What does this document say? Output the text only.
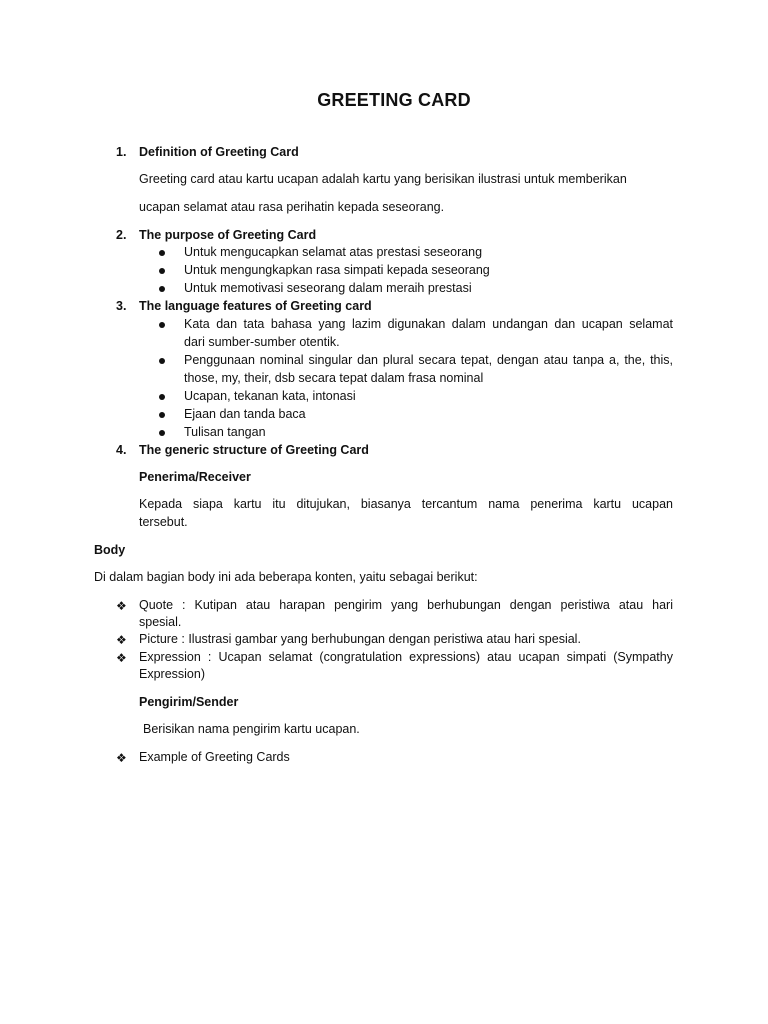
GREETING CARD
1. Definition of Greeting Card
Greeting card atau kartu ucapan adalah kartu yang berisikan ilustrasi untuk memberikan
ucapan selamat atau rasa perihatin kepada seseorang.
2. The purpose of Greeting Card
Untuk mengucapkan selamat atas prestasi seseorang
Untuk mengungkapkan rasa simpati kepada seseorang
Untuk memotivasi seseorang dalam meraih prestasi
3. The language features of Greeting card
Kata dan tata bahasa yang lazim digunakan dalam undangan dan ucapan selamat
dari sumber-sumber otentik.
Penggunaan nominal singular dan plural secara tepat, dengan atau tanpa a, the, this,
those, my, their, dsb secara tepat dalam frasa nominal
Ucapan, tekanan kata, intonasi
Ejaan dan tanda baca
Tulisan tangan
4. The generic structure of Greeting Card
Penerima/Receiver
Kepada siapa kartu itu ditujukan, biasanya tercantum nama penerima kartu ucapan
tersebut.
Body
Di dalam bagian body ini ada beberapa konten, yaitu sebagai berikut:
❖ Quote : Kutipan atau harapan pengirim yang berhubungan dengan peristiwa atau hari
spesial.
❖ Picture : Ilustrasi gambar yang berhubungan dengan peristiwa atau hari spesial.
❖ Expression : Ucapan selamat (congratulation expressions) atau ucapan simpati (Sympathy
Expression)
Pengirim/Sender
Berisikan nama pengirim kartu ucapan.
❖ Example of Greeting Cards
